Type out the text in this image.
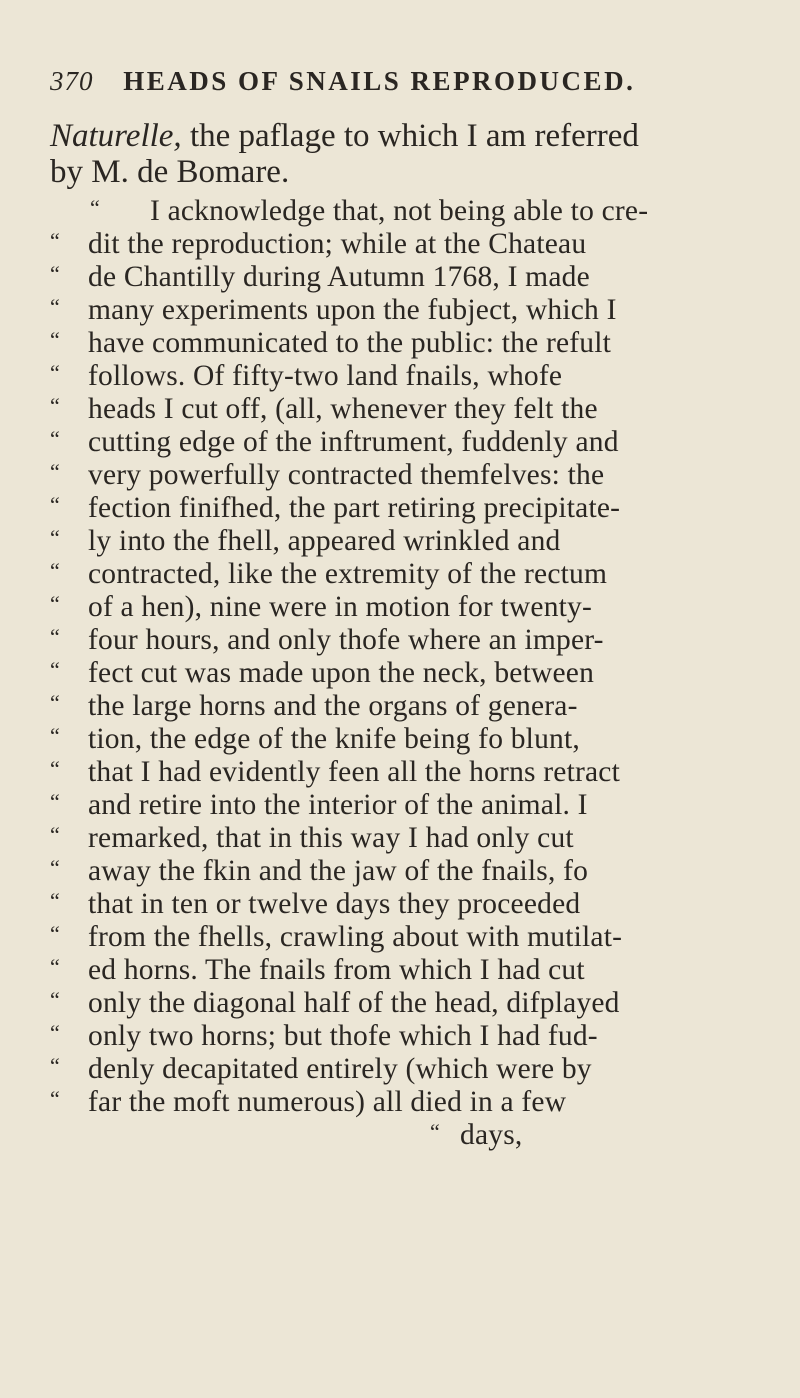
370 HEADS OF SNAILS REPRODUCED.
Naturelle, the paflage to which I am referred
by M. de Bomare.
“ I acknowledge that, not being able to cre-
“ dit the reproduction; while at the Chateau
“ de Chantilly during Autumn 1768, I made
“ many experiments upon the fubject, which I
“ have communicated to the public: the refult
“ follows. Of fifty-two land fnails, whofe
“ heads I cut off, (all, whenever they felt the
“ cutting edge of the inftrument, fuddenly and
“ very powerfully contracted themfelves: the
“ fection finifhed, the part retiring precipitate-
“ ly into the fhell, appeared wrinkled and
“ contracted, like the extremity of the rectum
“ of a hen), nine were in motion for twenty-
“ four hours, and only thofe where an imper-
“ fect cut was made upon the neck, between
“ the large horns and the organs of genera-
“ tion, the edge of the knife being fo blunt,
“ that I had evidently feen all the horns retract
“ and retire into the interior of the animal. I
“ remarked, that in this way I had only cut
“ away the fkin and the jaw of the fnails, fo
“ that in ten or twelve days they proceeded
“ from the fhells, crawling about with mutilat-
“ ed horns. The fnails from which I had cut
“ only the diagonal half of the head, difplayed
“ only two horns; but thofe which I had fud-
“ denly decapitated entirely (which were by
“ far the moft numerous) all died in a few
“ days,
